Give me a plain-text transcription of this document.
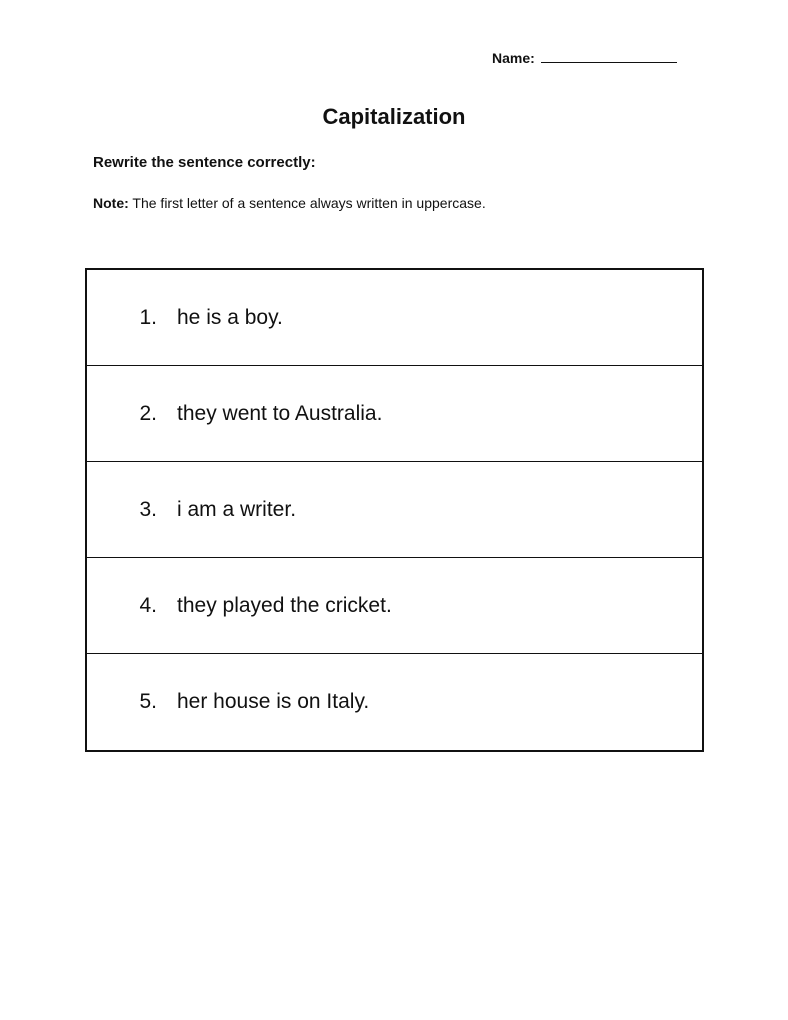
Name:
Capitalization
Rewrite the sentence correctly:
Note: The first letter of a sentence always written in uppercase.
1. he is a boy.
2. they went to Australia.
3. i am a writer.
4. they played the cricket.
5. her house is on Italy.
